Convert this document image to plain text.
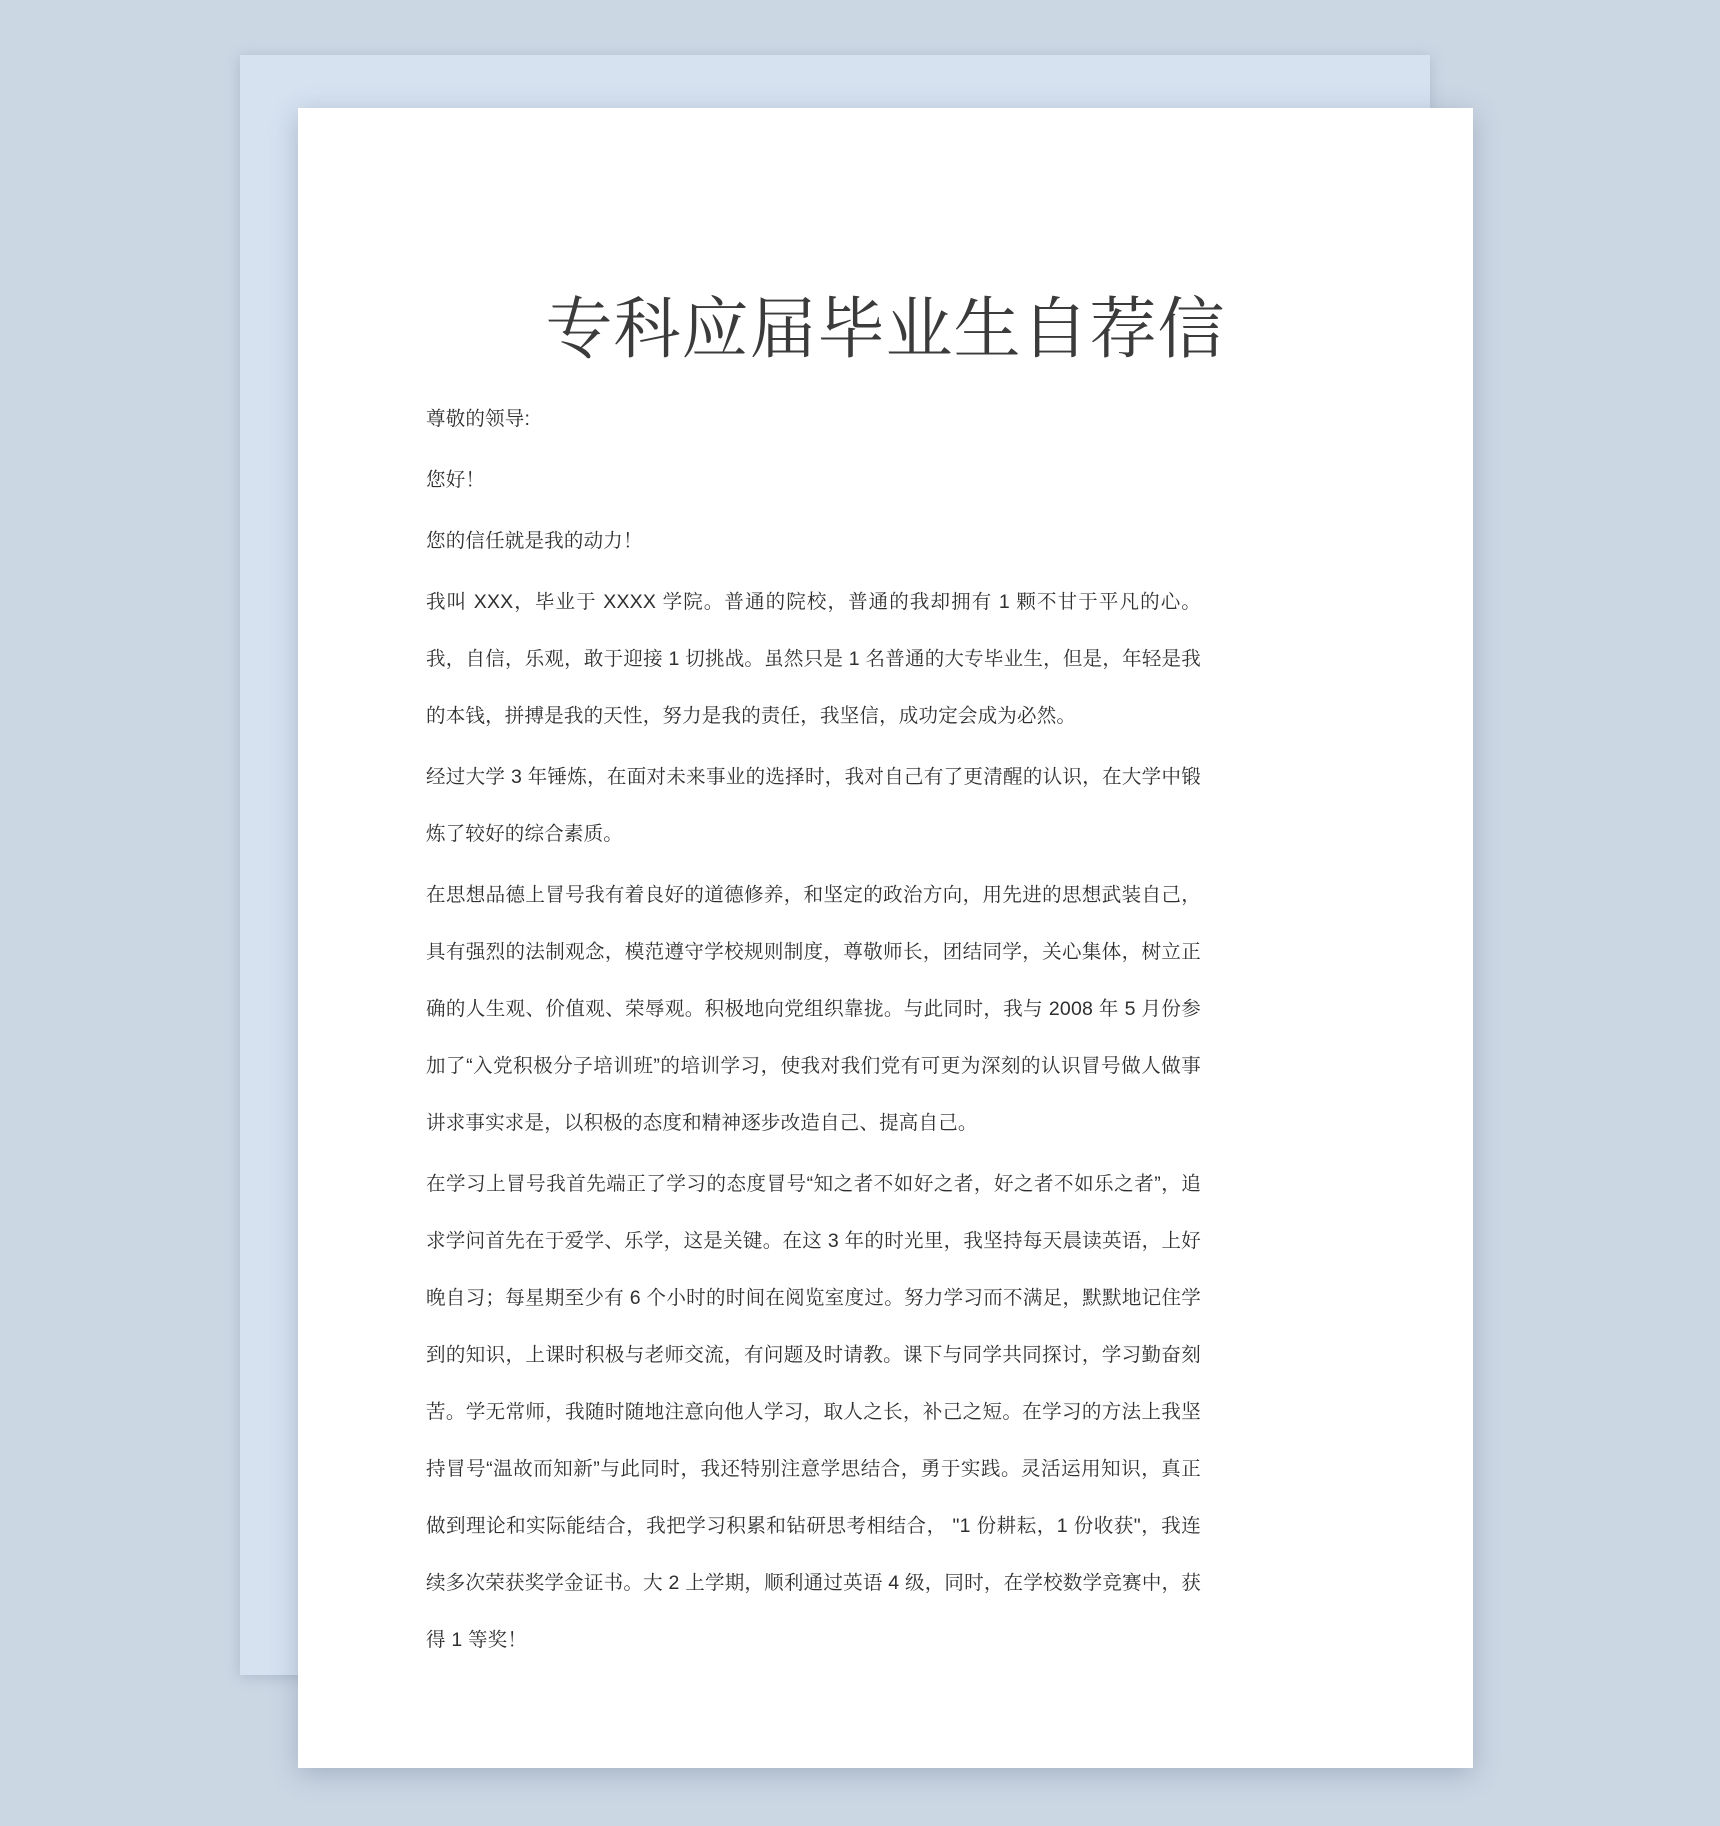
专科应届毕业生自荐信

尊敬的领导:

您好！

您的信任就是我的动力！

我叫 XXX，毕业于 XXXX 学院。普通的院校，普通的我却拥有 1 颗不甘于平凡的心。 我，自信，乐观，敢于迎接 1 切挑战。虽然只是 1 名普通的大专毕业生，但是，年轻是我的本钱，拼搏是我的天性，努力是我的责任，我坚信，成功定会成为必然。

经过大学 3 年锤炼，在面对未来事业的选择时，我对自己有了更清醒的认识，在大学中锻炼了较好的综合素质。

在思想品德上冒号我有着良好的道德修养，和坚定的政治方向，用先进的思想武装自己，具有强烈的法制观念，模范遵守学校规则制度，尊敬师长，团结同学，关心集体，树立正确的人生观、价值观、荣辱观。积极地向党组织靠拢。与此同时，我与 2008 年 5 月份参加了“入党积极分子培训班”的培训学习，使我对我们党有可更为深刻的认识冒号做人做事讲求事实求是，以积极的态度和精神逐步改造自己、提高自己。

在学习上冒号我首先端正了学习的态度冒号“知之者不如好之者，好之者不如乐之者”，追求学问首先在于爱学、乐学，这是关键。在这 3 年的时光里，我坚持每天晨读英语，上好晚自习；每星期至少有 6 个小时的时间在阅览室度过。努力学习而不满足，默默地记住学到的知识，上课时积极与老师交流，有问题及时请教。课下与同学共同探讨，学习勤奋刻苦。学无常师，我随时随地注意向他人学习，取人之长，补己之短。在学习的方法上我坚持冒号“温故而知新”与此同时，我还特别注意学思结合，勇于实践。灵活运用知识，真正做到理论和实际能结合，我把学习积累和钻研思考相结合， "1 份耕耘，1 份收获"，我连续多次荣获奖学金证书。大 2 上学期，顺利通过英语 4 级，同时，在学校数学竞赛中，获得 1 等奖！
